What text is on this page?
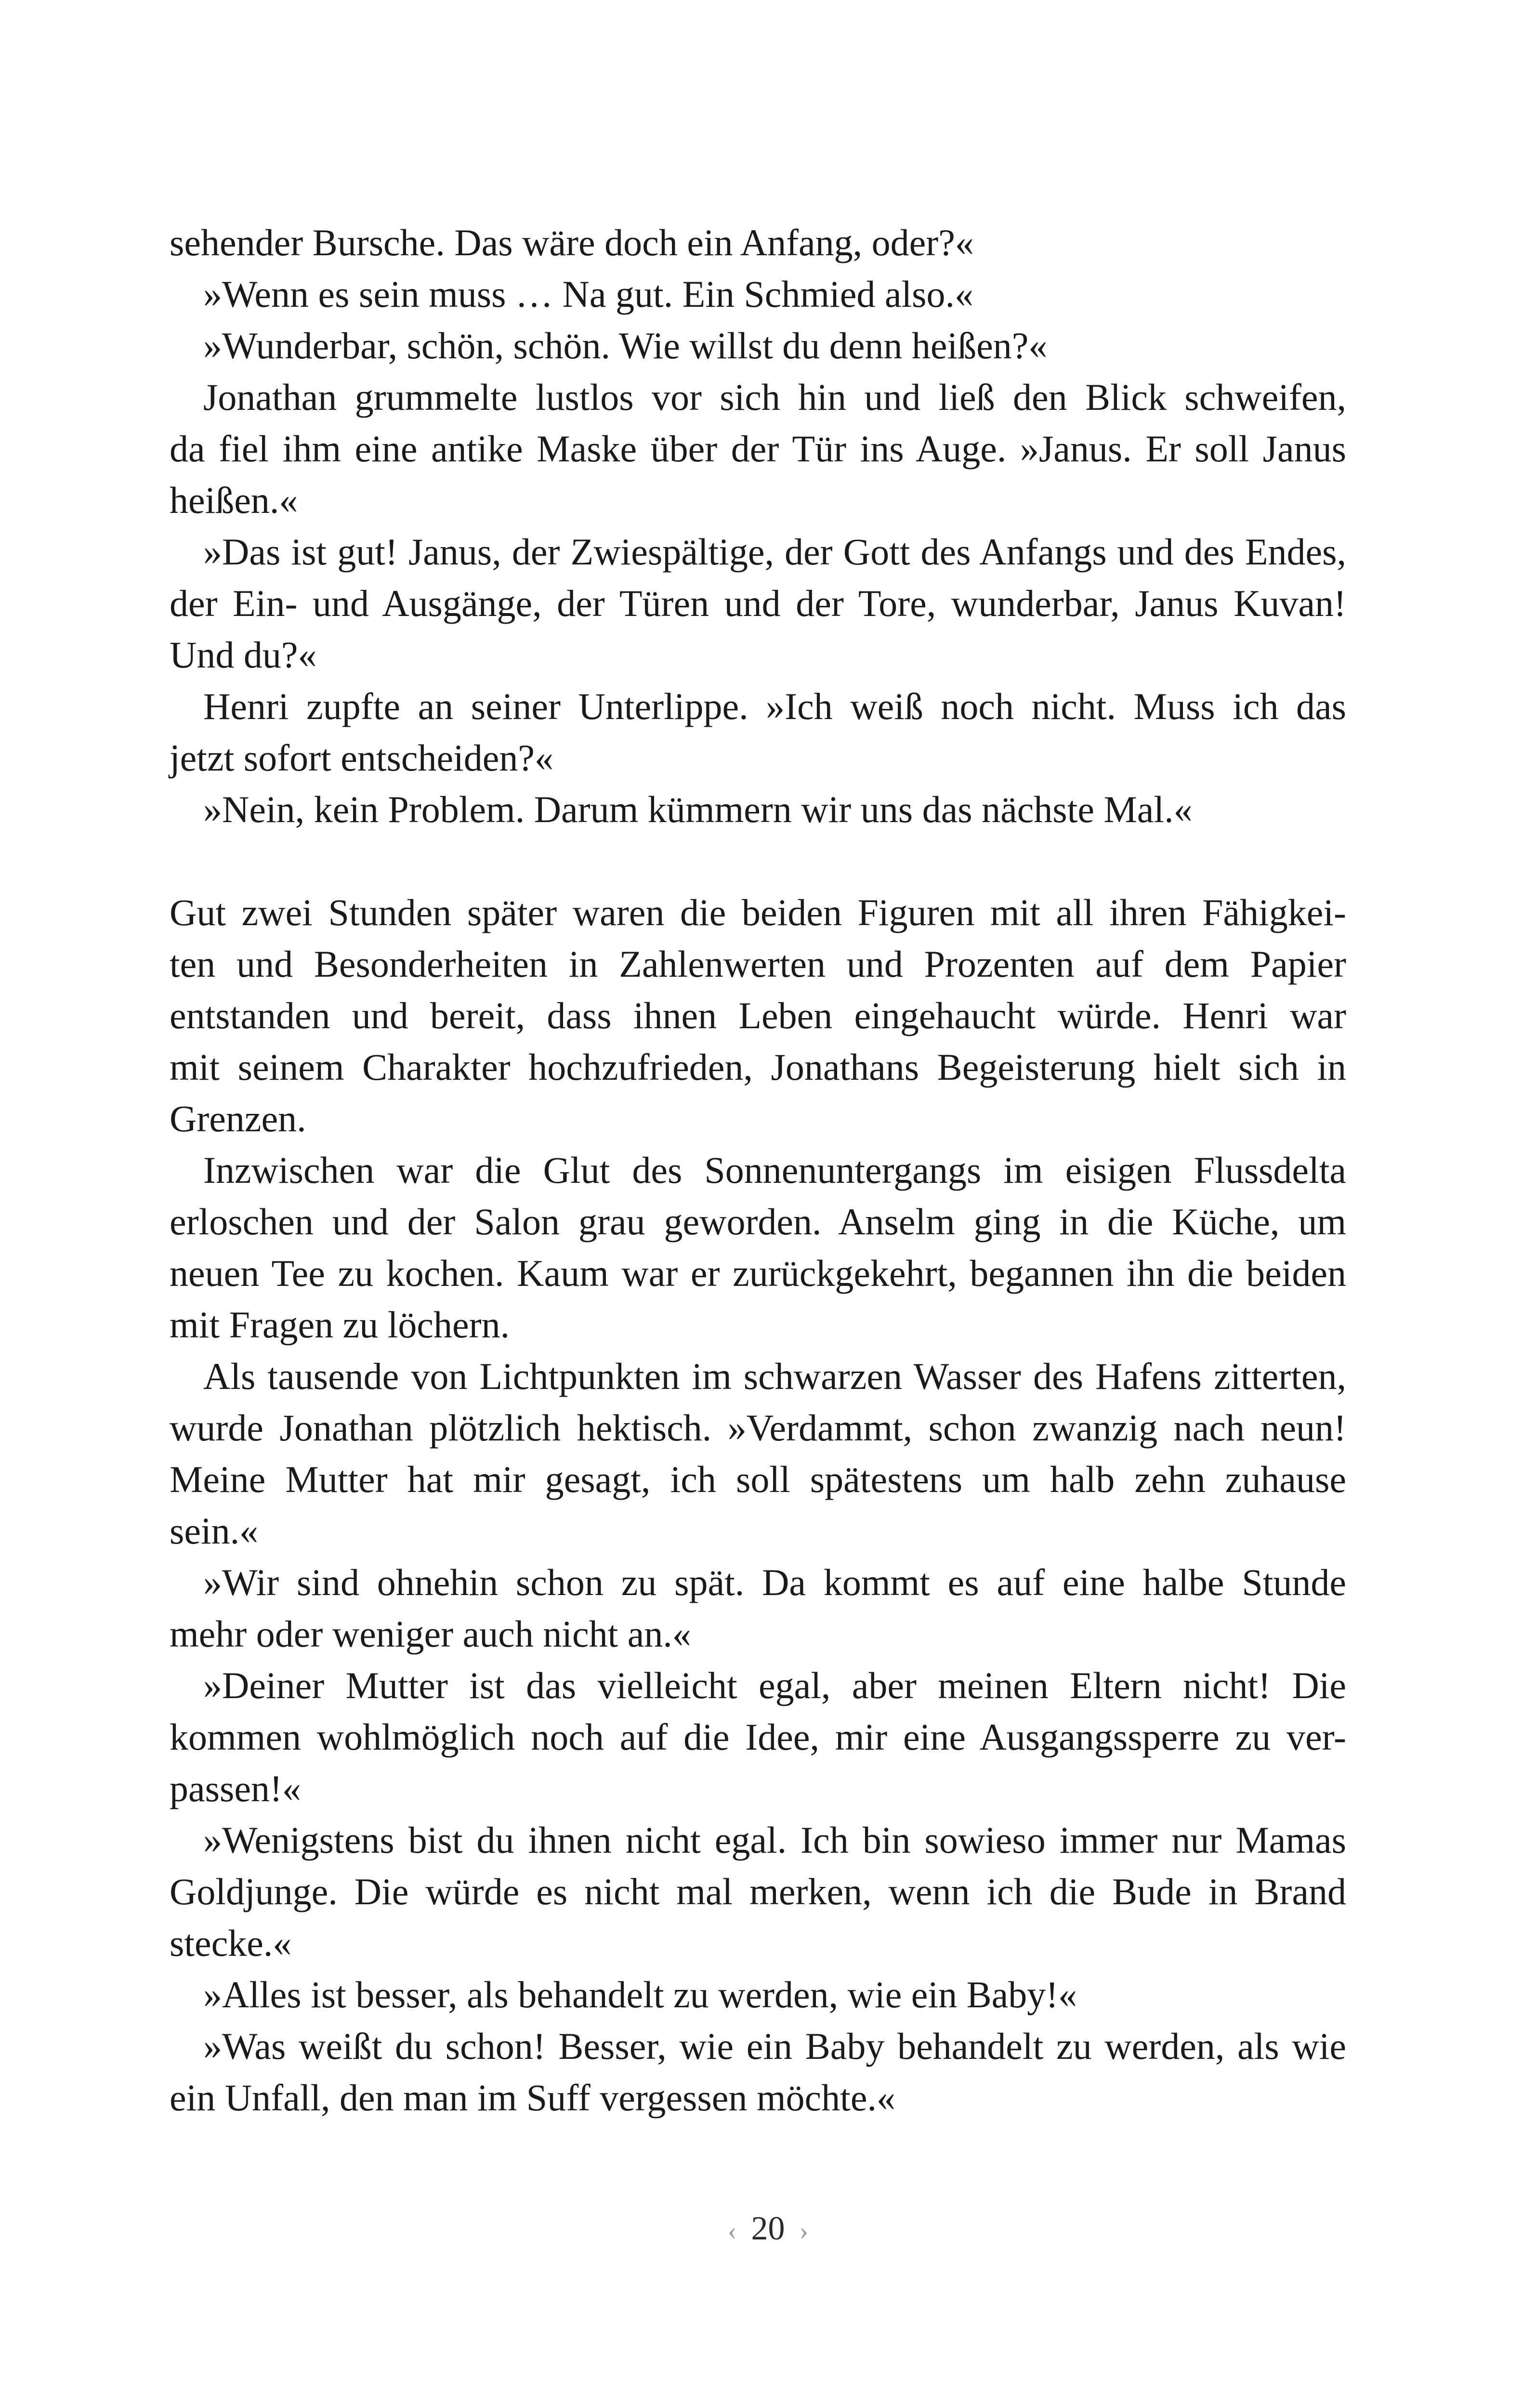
sehender Bursche. Das wäre doch ein Anfang, oder?«
»Wenn es sein muss … Na gut. Ein Schmied also.«
»Wunderbar, schön, schön. Wie willst du denn heißen?«
Jonathan grummelte lustlos vor sich hin und ließ den Blick schweifen,
da fiel ihm eine antike Maske über der Tür ins Auge. »Janus. Er soll Janus
heißen.«
»Das ist gut! Janus, der Zwiespältige, der Gott des Anfangs und des Endes,
der Ein- und Ausgänge, der Türen und der Tore, wunderbar, Janus Kuvan!
Und du?«
Henri zupfte an seiner Unterlippe. »Ich weiß noch nicht. Muss ich das
jetzt sofort entscheiden?«
»Nein, kein Problem. Darum kümmern wir uns das nächste Mal.«
Gut zwei Stunden später waren die beiden Figuren mit all ihren Fähigkei-
ten und Besonderheiten in Zahlenwerten und Prozenten auf dem Papier
entstanden und bereit, dass ihnen Leben eingehaucht würde. Henri war
mit seinem Charakter hochzufrieden, Jonathans Begeisterung hielt sich in
Grenzen.
Inzwischen war die Glut des Sonnenuntergangs im eisigen Flussdelta
erloschen und der Salon grau geworden. Anselm ging in die Küche, um
neuen Tee zu kochen. Kaum war er zurückgekehrt, begannen ihn die beiden
mit Fragen zu löchern.
Als tausende von Lichtpunkten im schwarzen Wasser des Hafens zitterten,
wurde Jonathan plötzlich hektisch. »Verdammt, schon zwanzig nach neun!
Meine Mutter hat mir gesagt, ich soll spätestens um halb zehn zuhause
sein.«
»Wir sind ohnehin schon zu spät. Da kommt es auf eine halbe Stunde
mehr oder weniger auch nicht an.«
»Deiner Mutter ist das vielleicht egal, aber meinen Eltern nicht! Die
kommen wohlmöglich noch auf die Idee, mir eine Ausgangssperre zu ver-
passen!«
»Wenigstens bist du ihnen nicht egal. Ich bin sowieso immer nur Mamas
Goldjunge. Die würde es nicht mal merken, wenn ich die Bude in Brand
stecke.«
»Alles ist besser, als behandelt zu werden, wie ein Baby!«
»Was weißt du schon! Besser, wie ein Baby behandelt zu werden, als wie
ein Unfall, den man im Suff vergessen möchte.«
‹ 20 ›
